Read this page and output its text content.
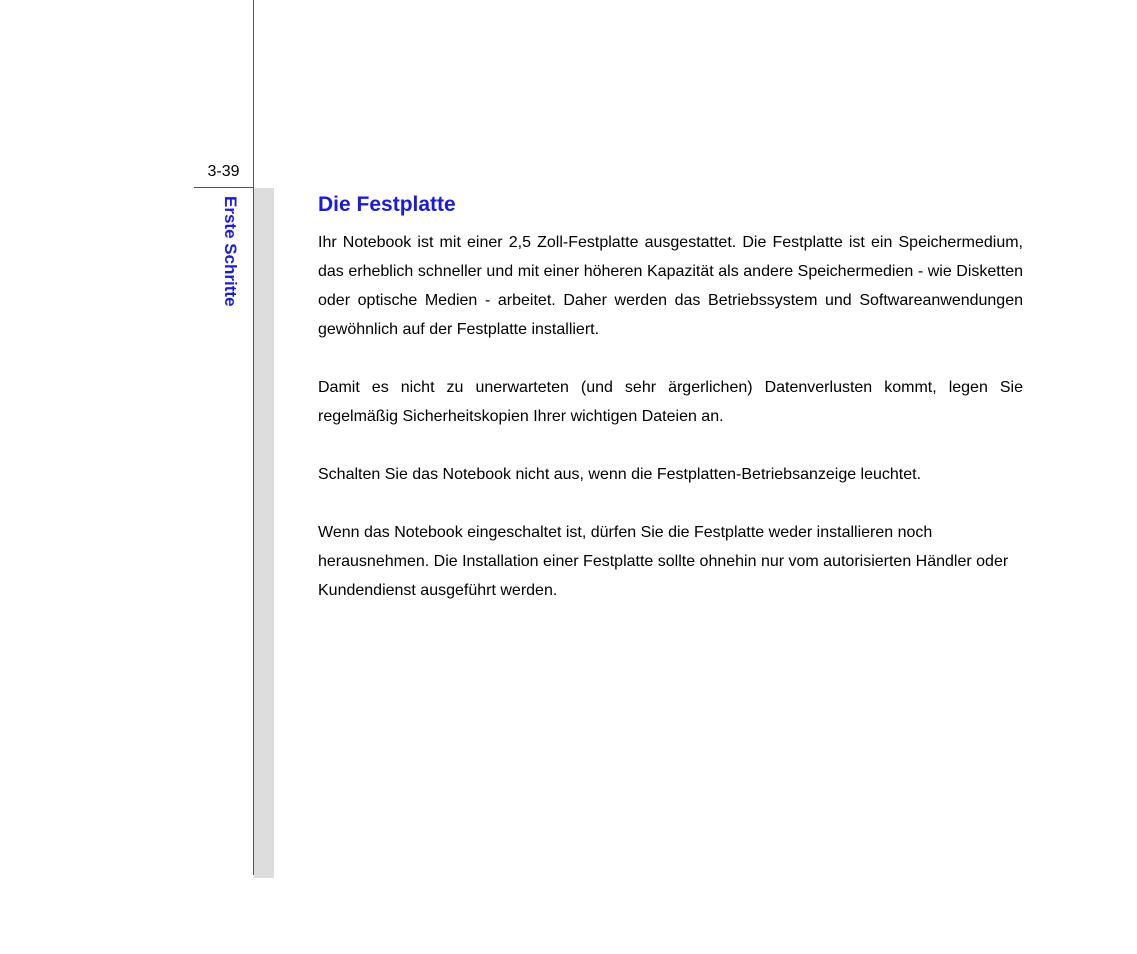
3-39
Erste Schritte	Die Festplatte

Ihr Notebook ist mit einer 2,5 Zoll-Festplatte ausgestattet. Die Festplatte ist ein Speichermedium, das erheblich schneller und mit einer höheren Kapazität als andere Speichermedien - wie Disketten oder optische Medien - arbeitet. Daher werden das Betriebssystem und Softwareanwendungen gewöhnlich auf der Festplatte installiert.

Damit es nicht zu unerwarteten (und sehr ärgerlichen) Datenverlusten kommt, legen Sie regelmäßig Sicherheitskopien Ihrer wichtigen Dateien an.

Schalten Sie das Notebook nicht aus, wenn die Festplatten-Betriebsanzeige leuchtet.

Wenn das Notebook eingeschaltet ist, dürfen Sie die Festplatte weder installieren noch herausnehmen. Die Installation einer Festplatte sollte ohnehin nur vom autorisierten Händler oder Kundendienst ausgeführt werden.
